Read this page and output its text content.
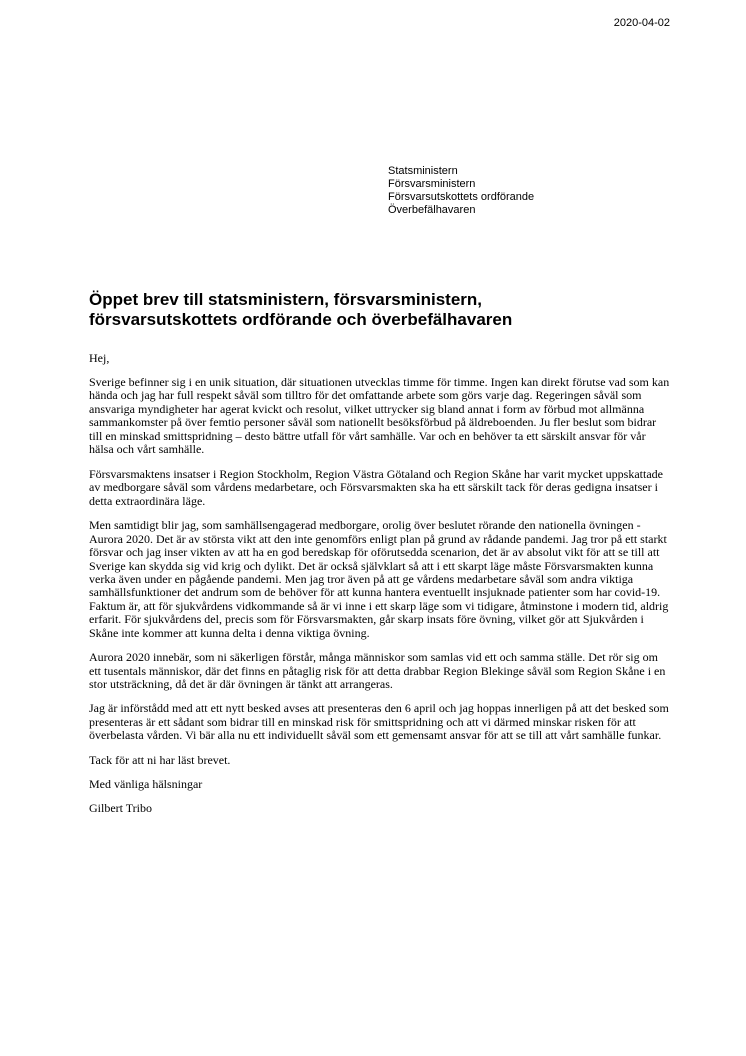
2020-04-02
Statsministern
Försvarsministern
Försvarsutskottets ordförande
Överbefälhavaren
Öppet brev till statsministern, försvarsministern,
försvarsutskottets ordförande och överbefälhavaren

Hej,

Sverige befinner sig i en unik situation, där situationen utvecklas timme för timme. Ingen kan direkt förutse vad som kan hända och jag har full respekt såväl som tilltro för det omfattande arbete som görs varje dag. Regeringen såväl som ansvariga myndigheter har agerat kvickt och resolut, vilket uttrycker sig bland annat i form av förbud mot allmänna sammankomster på över femtio personer såväl som nationellt besöksförbud på äldreboenden. Ju fler beslut som bidrar till en minskad smittspridning – desto bättre utfall för vårt samhälle. Var och en behöver ta ett särskilt ansvar för vår hälsa och vårt samhälle.

Försvarsmaktens insatser i Region Stockholm, Region Västra Götaland och Region Skåne har varit mycket uppskattade av medborgare såväl som vårdens medarbetare, och Försvarsmakten ska ha ett särskilt tack för deras gedigna insatser i detta extraordinära läge.

Men samtidigt blir jag, som samhällsengagerad medborgare, orolig över beslutet rörande den nationella övningen - Aurora 2020. Det är av största vikt att den inte genomförs enligt plan på grund av rådande pandemi. Jag tror på ett starkt försvar och jag inser vikten av att ha en god beredskap för oförutsedda scenarion, det är av absolut vikt för att se till att Sverige kan skydda sig vid krig och dylikt. Det är också självklart så att i ett skarpt läge måste Försvarsmakten kunna verka även under en pågående pandemi. Men jag tror även på att ge vårdens medarbetare såväl som andra viktiga samhällsfunktioner det andrum som de behöver för att kunna hantera eventuellt insjuknade patienter som har covid-19. Faktum är, att för sjukvårdens vidkommande så är vi inne i ett skarp läge som vi tidigare, åtminstone i modern tid, aldrig erfarit. För sjukvårdens del, precis som för Försvarsmakten, går skarp insats före övning, vilket gör att Sjukvården i Skåne inte kommer att kunna delta i denna viktiga övning.

Aurora 2020 innebär, som ni säkerligen förstår, många människor som samlas vid ett och samma ställe. Det rör sig om ett tusentals människor, där det finns en påtaglig risk för att detta drabbar Region Blekinge såväl som Region Skåne i en stor utsträckning, då det är där övningen är tänkt att arrangeras.

Jag är införstådd med att ett nytt besked avses att presenteras den 6 april och jag hoppas innerligen på att det besked som presenteras är ett sådant som bidrar till en minskad risk för smittspridning och att vi därmed minskar risken för att överbelasta vården. Vi bär alla nu ett individuellt såväl som ett gemensamt ansvar för att se till att vårt samhälle funkar.

Tack för att ni har läst brevet.

Med vänliga hälsningar

Gilbert Tribo
